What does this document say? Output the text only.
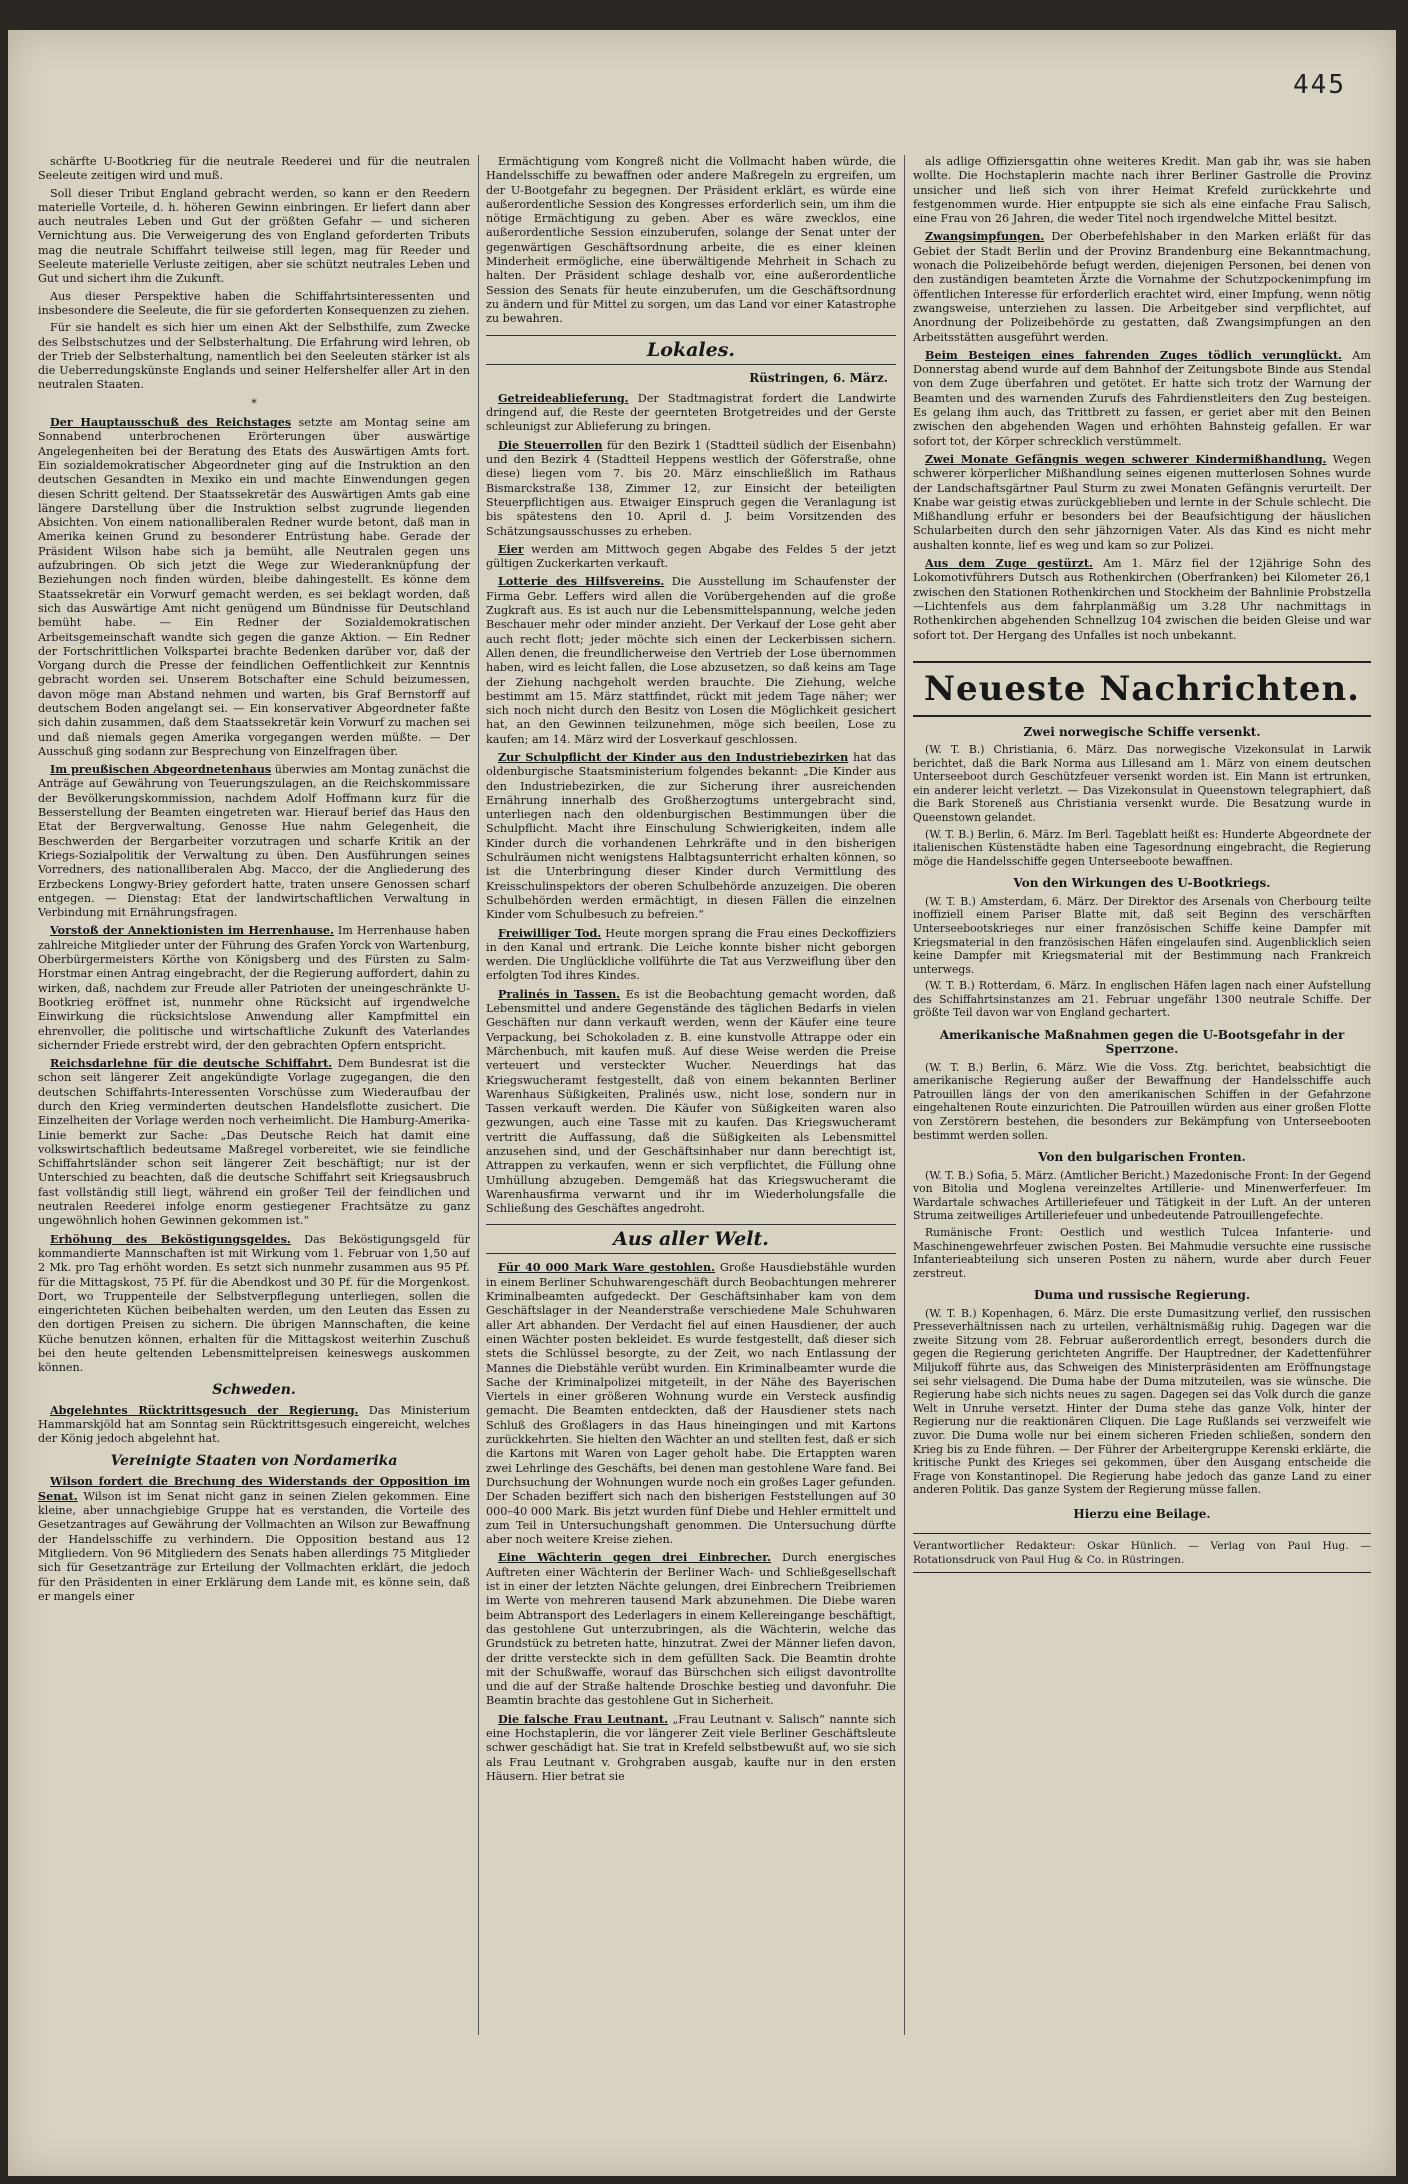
445

schärfte U-Bootkrieg für die neutrale Reederei und für die neutralen Seeleute zeitigen wird und muß.

Soll dieser Tribut England gebracht werden, so kann er den Reedern materielle Vorteile, d. h. höheren Gewinn einbringen. Er liefert dann aber auch neutrales Leben und Gut der größten Gefahr — und sicheren Vernichtung aus. Die Verweigerung des von England geforderten Tributs mag die neutrale Schiffahrt teilweise still legen, mag für Reeder und Seeleute materielle Verluste zeitigen, aber sie schützt neutrales Leben und Gut und sichert ihm die Zukunft.

Aus dieser Perspektive haben die Schiffahrtsinteressenten und insbesondere die Seeleute, die für sie geforderten Konsequenzen zu ziehen.

Für sie handelt es sich hier um einen Akt der Selbsthilfe, zum Zwecke des Selbstschutzes und der Selbsterhaltung. Die Erfahrung wird lehren, ob der Trieb der Selbsterhaltung, namentlich bei den Seeleuten stärker ist als die Ueberredungskünste Englands und seiner Helfershelfer aller Art in den neutralen Staaten.

*

Der Hauptausschuß des Reichstages setzte am Montag seine am Sonnabend unterbrochenen Erörterungen über auswärtige Angelegenheiten bei der Beratung des Etats des Auswärtigen Amts fort. Ein sozialdemokratischer Abgeordneter ging auf die Instruktion an den deutschen Gesandten in Mexiko ein und machte Einwendungen gegen diesen Schritt geltend. Der Staatssekretär des Auswärtigen Amts gab eine längere Darstellung über die Instruktion selbst zugrunde liegenden Absichten. Von einem nationalliberalen Redner wurde betont, daß man in Amerika keinen Grund zu besonderer Entrüstung habe. Gerade der Präsident Wilson habe sich ja bemüht, alle Neutralen gegen uns aufzubringen. Ob sich jetzt die Wege zur Wiederanknüpfung der Beziehungen noch finden würden, bleibe dahingestellt. Es könne dem Staatssekretär ein Vorwurf gemacht werden, es sei beklagt worden, daß sich das Auswärtige Amt nicht genügend um Bündnisse für Deutschland bemüht habe. — Ein Redner der Sozialdemokratischen Arbeitsgemeinschaft wandte sich gegen die ganze Aktion. — Ein Redner der Fortschrittlichen Volkspartei brachte Bedenken darüber vor, daß der Vorgang durch die Presse der feindlichen Oeffentlichkeit zur Kenntnis gebracht worden sei. Unserem Botschafter eine Schuld beizumessen, davon möge man Abstand nehmen und warten, bis Graf Bernstorff auf deutschem Boden angelangt sei. — Ein konservativer Abgeordneter faßte sich dahin zusammen, daß dem Staatssekretär kein Vorwurf zu machen sei und daß niemals gegen Amerika vorgegangen werden müßte. — Der Ausschuß ging sodann zur Besprechung von Einzelfragen über.

Im preußischen Abgeordnetenhaus überwies am Montag zunächst die Anträge auf Gewährung von Teuerungszulagen, an die Reichskommissare der Bevölkerungskommission, nachdem Adolf Hoffmann kurz für die Besserstellung der Beamten eingetreten war. Hierauf berief das Haus den Etat der Bergverwaltung. Genosse Hue nahm Gelegenheit, die Beschwerden der Bergarbeiter vorzutragen und scharfe Kritik an der Kriegs-Sozialpolitik der Verwaltung zu üben. Den Ausführungen seines Vorredners, des nationalliberalen Abg. Macco, der die Angliederung des Erzbeckens Longwy-Briey gefordert hatte, traten unsere Genossen scharf entgegen. — Dienstag: Etat der landwirtschaftlichen Verwaltung in Verbindung mit Ernährungsfragen.

Vorstoß der Annektionisten im Herrenhause. Im Herrenhause haben zahlreiche Mitglieder unter der Führung des Grafen Yorck von Wartenburg, Oberbürgermeisters Körthe von Königsberg und des Fürsten zu Salm-Horstmar einen Antrag eingebracht, der die Regierung auffordert, dahin zu wirken, daß, nachdem zur Freude aller Patrioten der uneingeschränkte U-Bootkrieg eröffnet ist, nunmehr ohne Rücksicht auf irgendwelche Einwirkung die rücksichtslose Anwendung aller Kampfmittel ein ehrenvoller, die politische und wirtschaftliche Zukunft des Vaterlandes sichernder Friede erstrebt wird, der den gebrachten Opfern entspricht.

Reichsdarlehne für die deutsche Schiffahrt. Dem Bundesrat ist die schon seit längerer Zeit angekündigte Vorlage zugegangen, die den deutschen Schiffahrts-Interessenten Vorschüsse zum Wiederaufbau der durch den Krieg verminderten deutschen Handelsflotte zusichert. Die Einzelheiten der Vorlage werden noch verheimlicht. Die Hamburg-Amerika-Linie bemerkt zur Sache: „Das Deutsche Reich hat damit eine volkswirtschaftlich bedeutsame Maßregel vorbereitet, wie sie feindliche Schiffahrtsländer schon seit längerer Zeit beschäftigt; nur ist der Unterschied zu beachten, daß die deutsche Schiffahrt seit Kriegsausbruch fast vollständig still liegt, während ein großer Teil der feindlichen und neutralen Reederei infolge enorm gestiegener Frachtsätze zu ganz ungewöhnlich hohen Gewinnen gekommen ist.“

Erhöhung des Beköstigungsgeldes. Das Beköstigungsgeld für kommandierte Mannschaften ist mit Wirkung vom 1. Februar von 1,50 auf 2 Mk. pro Tag erhöht worden. Es setzt sich nunmehr zusammen aus 95 Pf. für die Mittagskost, 75 Pf. für die Abendkost und 30 Pf. für die Morgenkost. Dort, wo Truppenteile der Selbstverpflegung unterliegen, sollen die eingerichteten Küchen beibehalten werden, um den Leuten das Essen zu den dortigen Preisen zu sichern. Die übrigen Mannschaften, die keine Küche benutzen können, erhalten für die Mittagskost weiterhin Zuschuß bei den heute geltenden Lebensmittelpreisen keineswegs auskommen können.

Schweden.

Abgelehntes Rücktrittsgesuch der Regierung. Das Ministerium Hammarskjöld hat am Sonntag sein Rücktrittsgesuch eingereicht, welches der König jedoch abgelehnt hat.

Vereinigte Staaten von Nordamerika

Wilson fordert die Brechung des Widerstands der Opposition im Senat. Wilson ist im Senat nicht ganz in seinen Zielen gekommen. Eine kleine, aber unnachgiebige Gruppe hat es verstanden, die Vorteile des Gesetzantrages auf Gewährung der Vollmachten an Wilson zur Bewaffnung der Handelsschiffe zu verhindern. Die Opposition bestand aus 12 Mitgliedern. Von 96 Mitgliedern des Senats haben allerdings 75 Mitglieder sich für Gesetzanträge zur Erteilung der Vollmachten erklärt, die jedoch für den Präsidenten in einer Erklärung dem Lande mit, es könne sein, daß er mangels einer

Ermächtigung vom Kongreß nicht die Vollmacht haben würde, die Handelsschiffe zu bewaffnen oder andere Maßregeln zu ergreifen, um der U-Bootgefahr zu begegnen. Der Präsident erklärt, es würde eine außerordentliche Session des Kongresses erforderlich sein, um ihm die nötige Ermächtigung zu geben. Aber es wäre zwecklos, eine außerordentliche Session einzuberufen, solange der Senat unter der gegenwärtigen Geschäftsordnung arbeite, die es einer kleinen Minderheit ermögliche, eine überwältigende Mehrheit in Schach zu halten. Der Präsident schlage deshalb vor, eine außerordentliche Session des Senats für heute einzuberufen, um die Geschäftsordnung zu ändern und für Mittel zu sorgen, um das Land vor einer Katastrophe zu bewahren.

Lokales.
Rüstringen, 6. März.

Getreideablieferung. Der Stadtmagistrat fordert die Landwirte dringend auf, die Reste der geernteten Brotgetreides und der Gerste schleunigst zur Ablieferung zu bringen.

Die Steuerrollen für den Bezirk 1 (Stadtteil südlich der Eisenbahn) und den Bezirk 4 (Stadtteil Heppens westlich der Göferstraße, ohne diese) liegen vom 7. bis 20. März einschließlich im Rathaus Bismarckstraße 138, Zimmer 12, zur Einsicht der beteiligten Steuerpflichtigen aus. Etwaiger Einspruch gegen die Veranlagung ist bis spätestens den 10. April d. J. beim Vorsitzenden des Schätzungsausschusses zu erheben.

Eier werden am Mittwoch gegen Abgabe des Feldes 5 der jetzt gültigen Zuckerkarten verkauft.

Lotterie des Hilfsvereins. Die Ausstellung im Schaufenster der Firma Gebr. Leffers wird allen die Vorübergehenden auf die große Zugkraft aus. Es ist auch nur die Lebensmittelspannung, welche jeden Beschauer mehr oder minder anzieht. Der Verkauf der Lose geht aber auch recht flott; jeder möchte sich einen der Leckerbissen sichern. Allen denen, die freundlicherweise den Vertrieb der Lose übernommen haben, wird es leicht fallen, die Lose abzusetzen, so daß keins am Tage der Ziehung nachgeholt werden brauchte. Die Ziehung, welche bestimmt am 15. März stattfindet, rückt mit jedem Tage näher; wer sich noch nicht durch den Besitz von Losen die Möglichkeit gesichert hat, an den Gewinnen teilzunehmen, möge sich beeilen, Lose zu kaufen; am 14. März wird der Losverkauf geschlossen.

Zur Schulpflicht der Kinder aus den Industriebezirken hat das oldenburgische Staatsministerium folgendes bekannt: „Die Kinder aus den Industriebezirken, die zur Sicherung ihrer ausreichenden Ernährung innerhalb des Großherzogtums untergebracht sind, unterliegen nach den oldenburgischen Bestimmungen über die Schulpflicht. Macht ihre Einschulung Schwierigkeiten, indem alle Kinder durch die vorhandenen Lehrkräfte und in den bisherigen Schulräumen nicht wenigstens Halbtagsunterricht erhalten können, so ist die Unterbringung dieser Kinder durch Vermittlung des Kreisschulinspektors der oberen Schulbehörde anzuzeigen. Die oberen Schulbehörden werden ermächtigt, in diesen Fällen die einzelnen Kinder vom Schulbesuch zu befreien.“

Freiwilliger Tod. Heute morgen sprang die Frau eines Deckoffiziers in den Kanal und ertrank. Die Leiche konnte bisher nicht geborgen werden. Die Unglückliche vollführte die Tat aus Verzweiflung über den erfolgten Tod ihres Kindes.

Pralinés in Tassen. Es ist die Beobachtung gemacht worden, daß Lebensmittel und andere Gegenstände des täglichen Bedarfs in vielen Geschäften nur dann verkauft werden, wenn der Käufer eine teure Verpackung, bei Schokoladen z. B. eine kunstvolle Attrappe oder ein Märchenbuch, mit kaufen muß. Auf diese Weise werden die Preise verteuert und versteckter Wucher. Neuerdings hat das Kriegswucheramt festgestellt, daß von einem bekannten Berliner Warenhaus Süßigkeiten, Pralinés usw., nicht lose, sondern nur in Tassen verkauft werden. Die Käufer von Süßigkeiten waren also gezwungen, auch eine Tasse mit zu kaufen. Das Kriegswucheramt vertritt die Auffassung, daß die Süßigkeiten als Lebensmittel anzusehen sind, und der Geschäftsinhaber nur dann berechtigt ist, Attrappen zu verkaufen, wenn er sich verpflichtet, die Füllung ohne Umhüllung abzugeben. Demgemäß hat das Kriegswucheramt die Warenhausfirma verwarnt und ihr im Wiederholungsfalle die Schließung des Geschäftes angedroht.

Aus aller Welt.

Für 40 000 Mark Ware gestohlen. Große Hausdiebstähle wurden in einem Berliner Schuhwarengeschäft durch Beobachtungen mehrerer Kriminalbeamten aufgedeckt. Der Geschäftsinhaber kam von dem Geschäftslager in der Neanderstraße verschiedene Male Schuhwaren aller Art abhanden. Der Verdacht fiel auf einen Hausdiener, der auch einen Wächter posten bekleidet. Es wurde festgestellt, daß dieser sich stets die Schlüssel besorgte, zu der Zeit, wo nach Entlassung der Mannes die Diebstähle verübt wurden. Ein Kriminalbeamter wurde die Sache der Kriminalpolizei mitgeteilt, in der Nähe des Bayerischen Viertels in einer größeren Wohnung wurde ein Versteck ausfindig gemacht. Die Beamten entdeckten, daß der Hausdiener stets nach Schluß des Großlagers in das Haus hineingingen und mit Kartons zurückkehrten. Sie hielten den Wächter an und stellten fest, daß er sich die Kartons mit Waren von Lager geholt habe. Die Ertappten waren zwei Lehrlinge des Geschäfts, bei denen man gestohlene Ware fand. Bei Durchsuchung der Wohnungen wurde noch ein großes Lager gefunden. Der Schaden beziffert sich nach den bisherigen Feststellungen auf 30 000–40 000 Mark. Bis jetzt wurden fünf Diebe und Hehler ermittelt und zum Teil in Untersuchungshaft genommen. Die Untersuchung dürfte aber noch weitere Kreise ziehen.

Eine Wächterin gegen drei Einbrecher. Durch energisches Auftreten einer Wächterin der Berliner Wach- und Schließgesellschaft ist in einer der letzten Nächte gelungen, drei Einbrechern Treibriemen im Werte von mehreren tausend Mark abzunehmen. Die Diebe waren beim Abtransport des Lederlagers in einem Kellereingange beschäftigt, das gestohlene Gut unterzubringen, als die Wächterin, welche das Grundstück zu betreten hatte, hinzutrat. Zwei der Männer liefen davon, der dritte versteckte sich in dem gefüllten Sack. Die Beamtin drohte mit der Schußwaffe, worauf das Bürschchen sich eiligst davontrollte und die auf der Straße haltende Droschke bestieg und davonfuhr. Die Beamtin brachte das gestohlene Gut in Sicherheit.

Die falsche Frau Leutnant. „Frau Leutnant v. Salisch“ nannte sich eine Hochstaplerin, die vor längerer Zeit viele Berliner Geschäftsleute schwer geschädigt hat. Sie trat in Krefeld selbstbewußt auf, wo sie sich als Frau Leutnant v. Grohgraben ausgab, kaufte nur in den ersten Häusern. Hier betrat sie

als adlige Offiziersgattin ohne weiteres Kredit. Man gab ihr, was sie haben wollte. Die Hochstaplerin machte nach ihrer Berliner Gastrolle die Provinz unsicher und ließ sich von ihrer Heimat Krefeld zurückkehrte und festgenommen wurde. Hier entpuppte sie sich als eine einfache Frau Salisch, eine Frau von 26 Jahren, die weder Titel noch irgendwelche Mittel besitzt.

Zwangsimpfungen. Der Oberbefehlshaber in den Marken erläßt für das Gebiet der Stadt Berlin und der Provinz Brandenburg eine Bekanntmachung, wonach die Polizeibehörde befugt werden, diejenigen Personen, bei denen von den zuständigen beamteten Ärzte die Vornahme der Schutzpockenimpfung im öffentlichen Interesse für erforderlich erachtet wird, einer Impfung, wenn nötig zwangsweise, unterziehen zu lassen. Die Arbeitgeber sind verpflichtet, auf Anordnung der Polizeibehörde zu gestatten, daß Zwangsimpfungen an den Arbeitsstätten ausgeführt werden.

Beim Besteigen eines fahrenden Zuges tödlich verunglückt. Am Donnerstag abend wurde auf dem Bahnhof der Zeitungsbote Binde aus Stendal von dem Zuge überfahren und getötet. Er hatte sich trotz der Warnung der Beamten und des warnenden Zurufs des Fahrdienstleiters den Zug besteigen. Es gelang ihm auch, das Trittbrett zu fassen, er geriet aber mit den Beinen zwischen den abgehenden Wagen und erhöhten Bahnsteig gefallen. Er war sofort tot, der Körper schrecklich verstümmelt.

Zwei Monate Gefängnis wegen schwerer Kindermißhandlung. Wegen schwerer körperlicher Mißhandlung seines eigenen mutterlosen Sohnes wurde der Landschaftsgärtner Paul Sturm zu zwei Monaten Gefängnis verurteilt. Der Knabe war geistig etwas zurückgeblieben und lernte in der Schule schlecht. Die Mißhandlung erfuhr er besonders bei der Beaufsichtigung der häuslichen Schularbeiten durch den sehr jähzornigen Vater. Als das Kind es nicht mehr aushalten konnte, lief es weg und kam so zur Polizei.

Aus dem Zuge gestürzt. Am 1. März fiel der 12jährige Sohn des Lokomotivführers Dutsch aus Rothenkirchen (Oberfranken) bei Kilometer 26,1 zwischen den Stationen Rothenkirchen und Stockheim der Bahnlinie Probstzella—Lichtenfels aus dem fahrplanmäßig um 3.28 Uhr nachmittags in Rothenkirchen abgehenden Schnellzug 104 zwischen die beiden Gleise und war sofort tot. Der Hergang des Unfalles ist noch unbekannt.

Neueste Nachrichten.
Zwei norwegische Schiffe versenkt.

(W. T. B.) Christiania, 6. März. Das norwegische Vizekonsulat in Larwik berichtet, daß die Bark Norma aus Lillesand am 1. März von einem deutschen Unterseeboot durch Geschützfeuer versenkt worden ist. Ein Mann ist ertrunken, ein anderer leicht verletzt. — Das Vizekonsulat in Queenstown telegraphiert, daß die Bark Storeneß aus Christiania versenkt wurde. Die Besatzung wurde in Queenstown gelandet.

(W. T. B.) Berlin, 6. März. Im Berl. Tageblatt heißt es: Hunderte Abgeordnete der italienischen Küstenstädte haben eine Tagesordnung eingebracht, die Regierung möge die Handelsschiffe gegen Unterseeboote bewaffnen.

Von den Wirkungen des U-Bootkriegs.

(W. T. B.) Amsterdam, 6. März. Der Direktor des Arsenals von Cherbourg teilte inoffiziell einem Pariser Blatte mit, daß seit Beginn des verschärften Unterseebootskrieges nur einer französischen Schiffe keine Dampfer mit Kriegsmaterial in den französischen Häfen eingelaufen sind. Augenblicklich seien keine Dampfer mit Kriegsmaterial mit der Bestimmung nach Frankreich unterwegs.

(W. T. B.) Rotterdam, 6. März. In englischen Häfen lagen nach einer Aufstellung des Schiffahrtsinstanzes am 21. Februar ungefähr 1300 neutrale Schiffe. Der größte Teil davon war von England gechartert.

Amerikanische Maßnahmen gegen die U-Bootsgefahr in der Sperrzone.

(W. T. B.) Berlin, 6. März. Wie die Voss. Ztg. berichtet, beabsichtigt die amerikanische Regierung außer der Bewaffnung der Handelsschiffe auch Patrouillen längs der von den amerikanischen Schiffen in der Gefahrzone eingehaltenen Route einzurichten. Die Patrouillen würden aus einer großen Flotte von Zerstörern bestehen, die besonders zur Bekämpfung von Unterseebooten bestimmt werden sollen.

Von den bulgarischen Fronten.

(W. T. B.) Sofia, 5. März. (Amtlicher Bericht.) Mazedonische Front: In der Gegend von Bitolia und Moglena vereinzeltes Artillerie- und Minenwerferfeuer. Im Wardartale schwaches Artilleriefeuer und Tätigkeit in der Luft. An der unteren Struma zeitweiliges Artilleriefeuer und unbedeutende Patrouillengefechte.

Rumänische Front: Oestlich und westlich Tulcea Infanterie- und Maschinengewehrfeuer zwischen Posten. Bei Mahmudie versuchte eine russische Infanterieabteilung sich unseren Posten zu nähern, wurde aber durch Feuer zerstreut.

Duma und russische Regierung.

(W. T. B.) Kopenhagen, 6. März. Die erste Dumasitzung verlief, den russischen Presseverhältnissen nach zu urteilen, verhältnismäßig ruhig. Dagegen war die zweite Sitzung vom 28. Februar außerordentlich erregt, besonders durch die gegen die Regierung gerichteten Angriffe. Der Hauptredner, der Kadettenführer Miljukoff führte aus, das Schweigen des Ministerpräsidenten am Eröffnungstage sei sehr vielsagend. Die Duma habe der Duma mitzuteilen, was sie wünsche. Die Regierung habe sich nichts neues zu sagen. Dagegen sei das Volk durch die ganze Welt in Unruhe versetzt. Hinter der Duma stehe das ganze Volk, hinter der Regierung nur die reaktionären Cliquen. Die Lage Rußlands sei verzweifelt wie zuvor. Die Duma wolle nur bei einem sicheren Frieden schließen, sondern den Krieg bis zu Ende führen. — Der Führer der Arbeitergruppe Kerenski erklärte, die kritische Punkt des Krieges sei gekommen, über den Ausgang entscheide die Frage von Konstantinopel. Die Regierung habe jedoch das ganze Land zu einer anderen Politik. Das ganze System der Regierung müsse fallen.

Hierzu eine Beilage.
Verantwortlicher Redakteur: Oskar Hünlich. — Verlag von Paul Hug. — Rotationsdruck von Paul Hug & Co. in Rüstringen.
